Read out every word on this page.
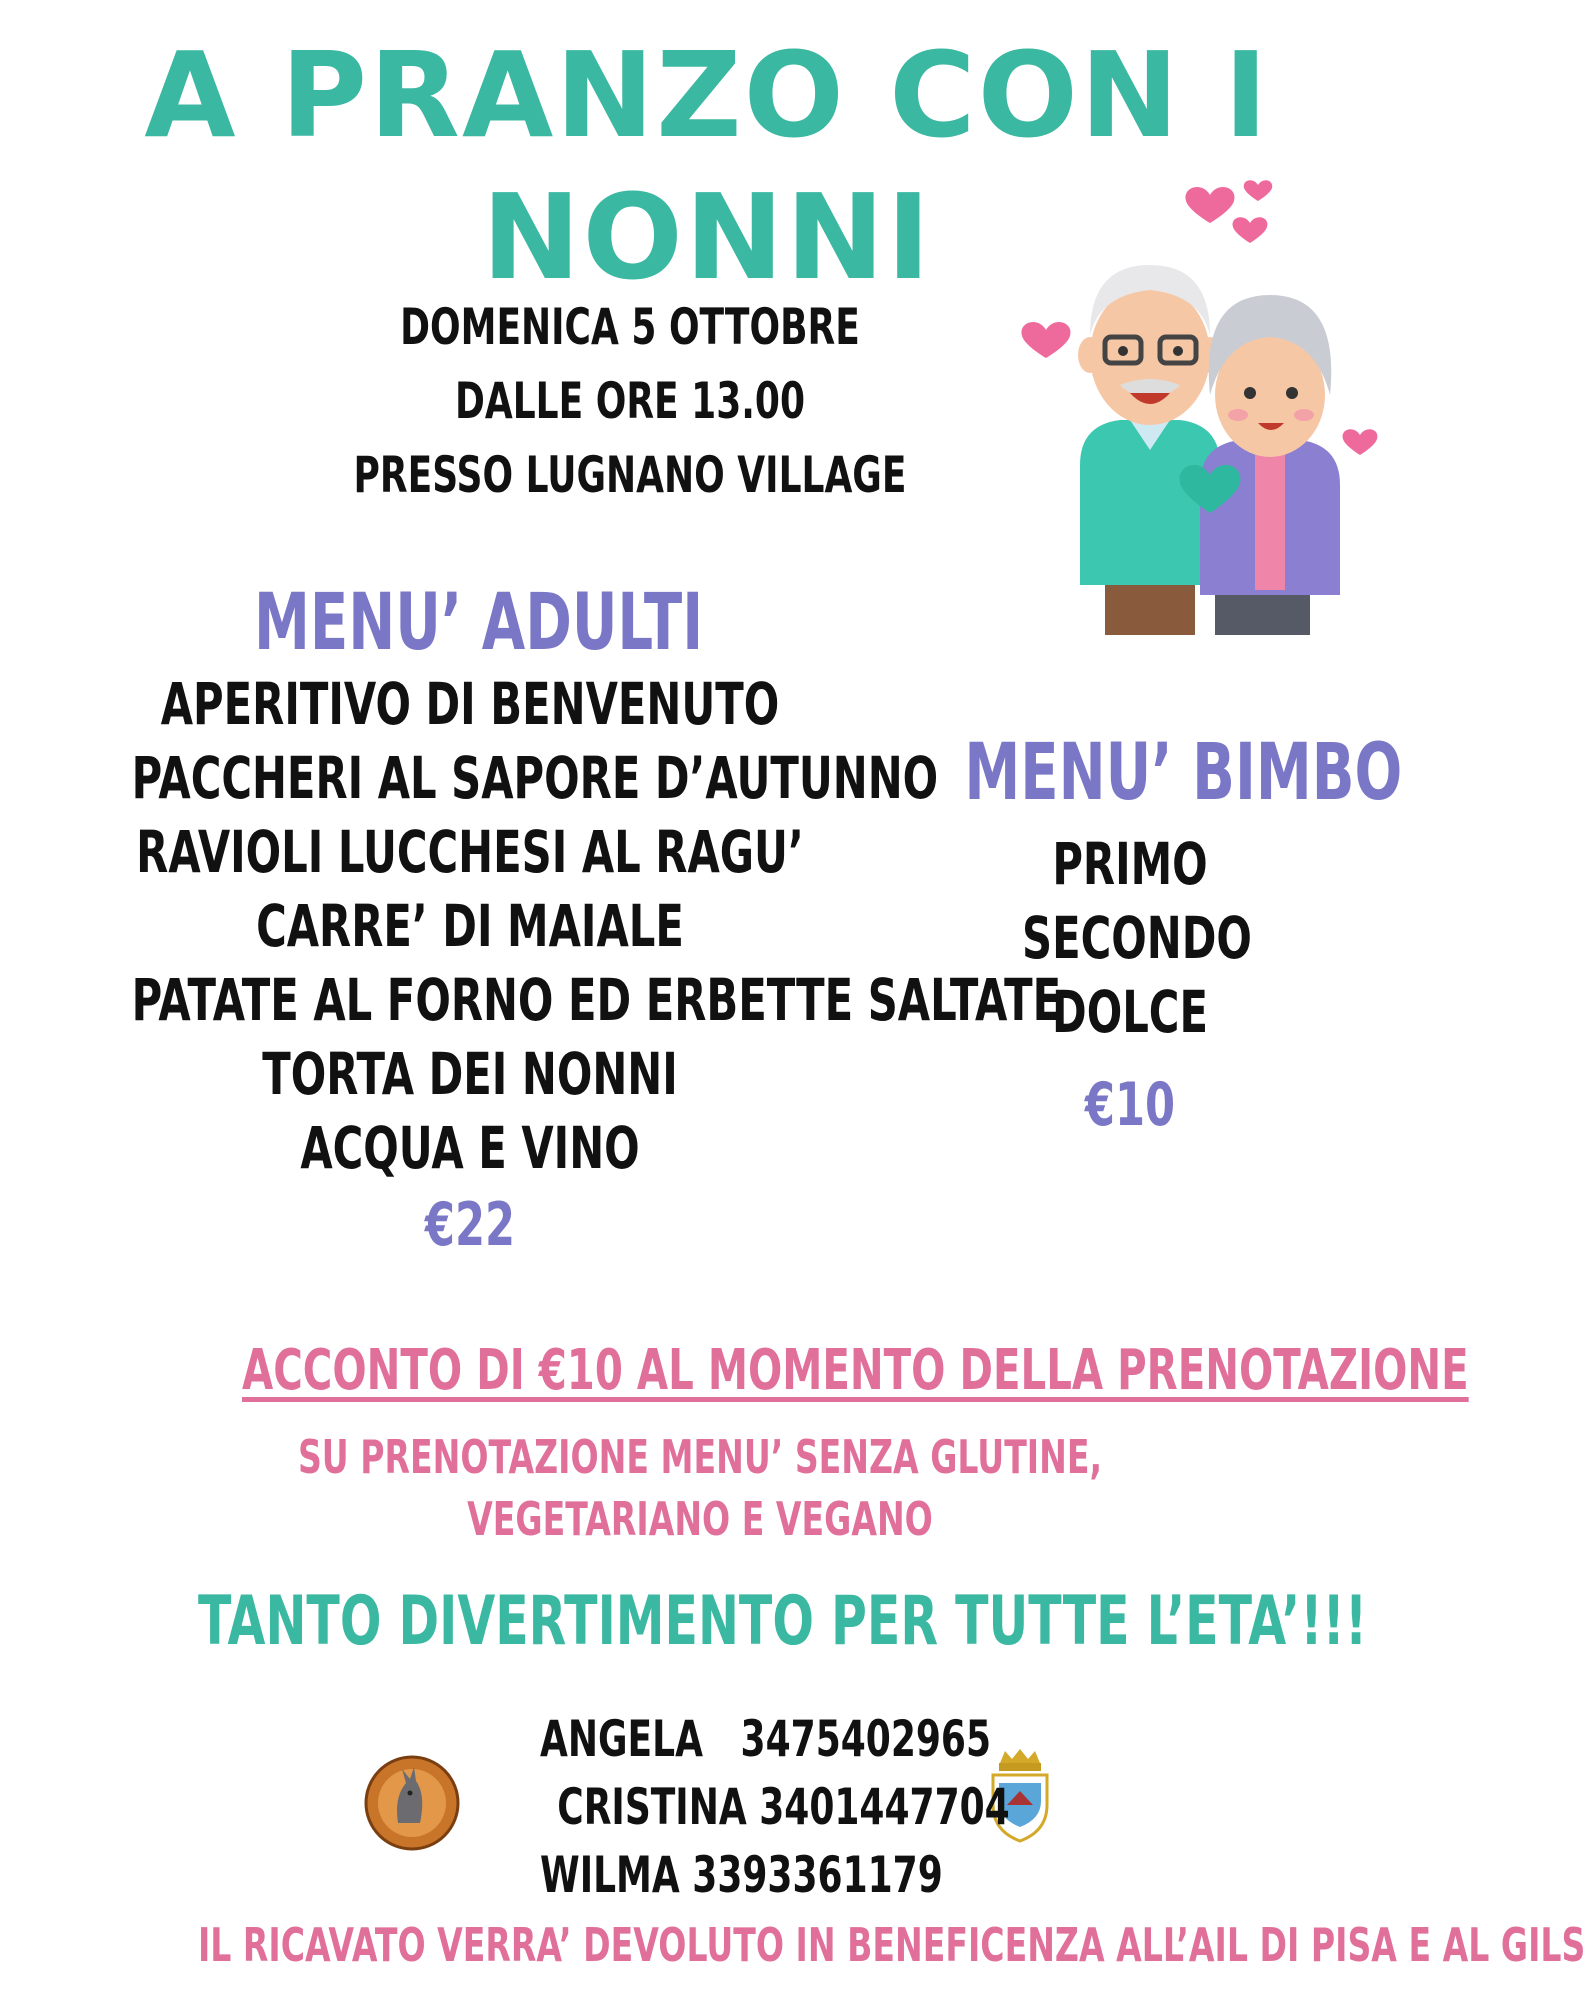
A PRANZO CON I
NONNI
DOMENICA 5 OTTOBRE
DALLE ORE 13.00
PRESSO LUGNANO VILLAGE
MENU’ ADULTI
APERITIVO DI BENVENUTO
PACCHERI AL SAPORE D’AUTUNNO
RAVIOLI LUCCHESI AL RAGU’
CARRE’ DI MAIALE
PATATE AL FORNO ED ERBETTE SALTATE
TORTA DEI NONNI
ACQUA E VINO
€22
MENU’ BIMBO
PRIMO
SECONDO
DOLCE
€10
ACCONTO DI €10 AL MOMENTO DELLA PRENOTAZIONE
SU PRENOTAZIONE MENU’ SENZA GLUTINE,
VEGETARIANO E VEGANO
TANTO DIVERTIMENTO PER TUTTE L’ETA’!!!
ANGELA 3475402965
CRISTINA 3401447704
WILMA 3393361179
IL RICAVATO VERRA’ DEVOLUTO IN BENEFICENZA ALL’AIL DI PISA E AL GILS
